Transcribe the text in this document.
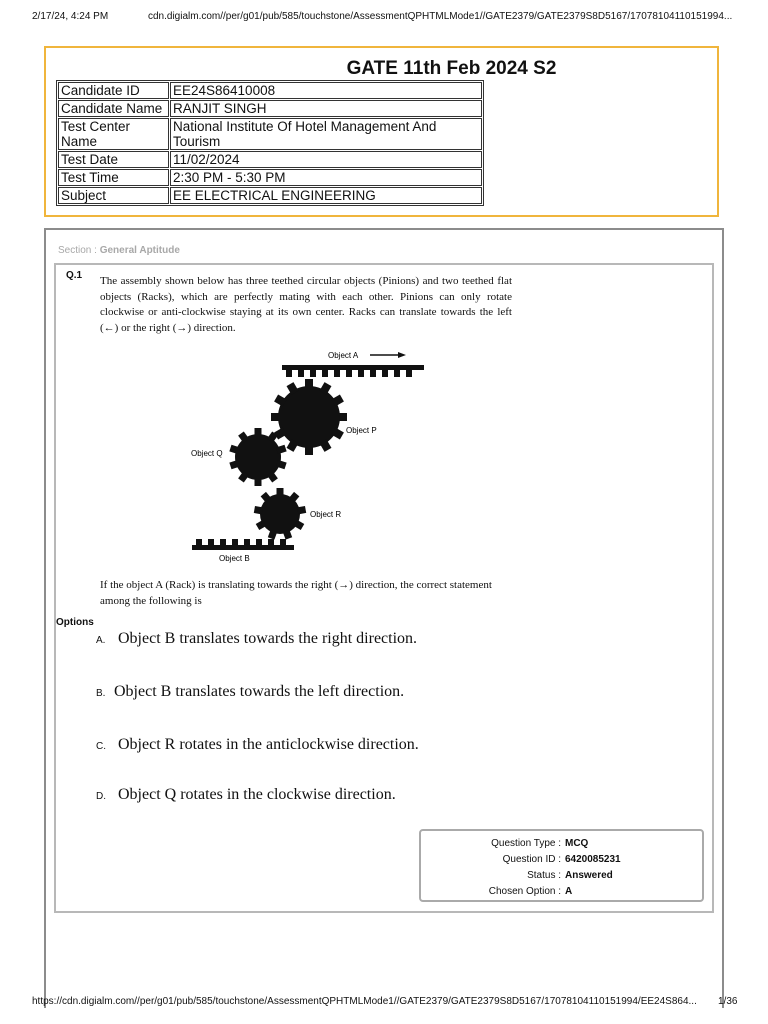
2/17/24, 4:24 PM	cdn.digialm.com//per/g01/pub/585/touchstone/AssessmentQPHTMLMode1//GATE2379/GATE2379S8D5167/17078104110151994...
GATE 11th Feb 2024 S2
Candidate ID	EE24S86410008
Candidate Name	RANJIT SINGH
Test Center Name	National Institute Of Hotel Management And Tourism
Test Date	11/02/2024
Test Time	2:30 PM - 5:30 PM
Subject	EE ELECTRICAL ENGINEERING
Section : General Aptitude
Q.1 The assembly shown below has three teethed circular objects (Pinions) and two teethed flat objects (Racks), which are perfectly mating with each other. Pinions can only rotate clockwise or anti-clockwise staying at its own center. Racks can translate towards the left (←) or the right (→) direction.
Object A
Object P
Object Q
Object R
Object B
If the object A (Rack) is translating towards the right (→) direction, the correct statement among the following is
Options
A. Object B translates towards the right direction.
B. Object B translates towards the left direction.
C. Object R rotates in the anticlockwise direction.
D. Object Q rotates in the clockwise direction.
Question Type : MCQ
Question ID : 6420085231
Status : Answered
Chosen Option : A
https://cdn.digialm.com//per/g01/pub/585/touchstone/AssessmentQPHTMLMode1//GATE2379/GATE2379S8D5167/17078104110151994/EE24S864...	1/36
